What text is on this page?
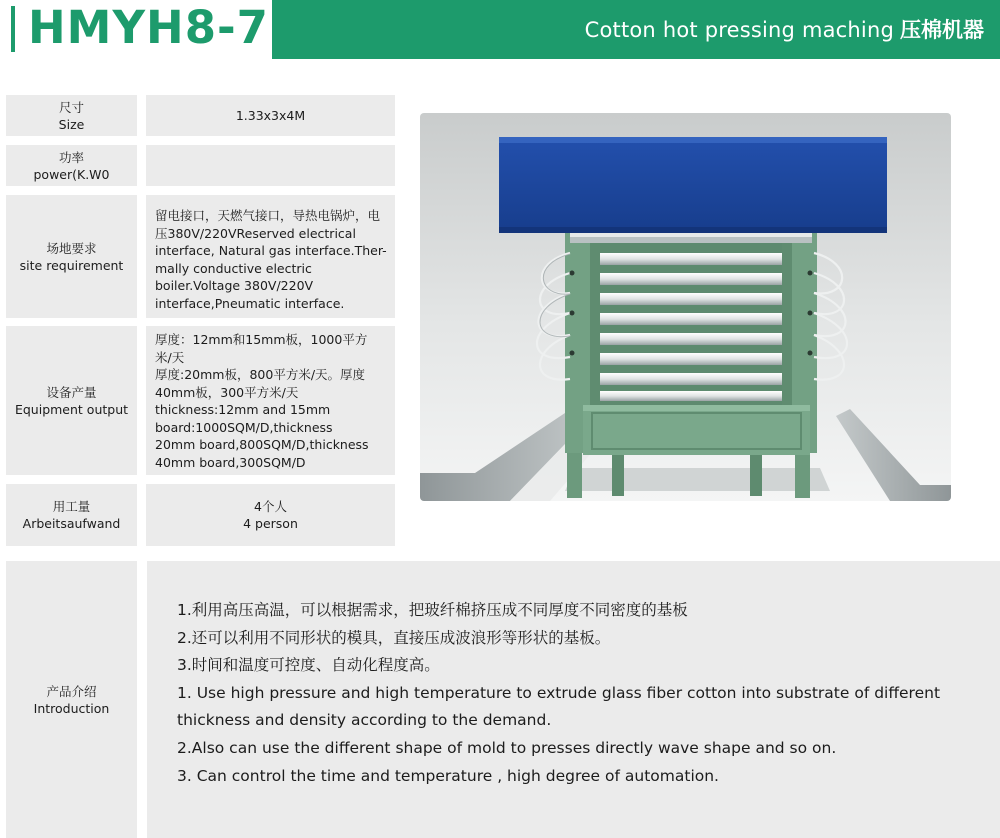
HMYH8-7	Cotton hot pressing maching 压棉机器
尺寸
Size
1.33x3x4M
功率
power(K.W0
场地要求
site requirement

留电接口，天燃气接口，导热电锅炉，电

压380V/220VReserved electrical

interface, Natural gas interface.Ther-

mally conductive electric

boiler.Voltage 380V/220V

interface,Pneumatic interface.

设备产量
Equipment output

厚度：12mm和15mm板，1000平方

米/天

厚度:20mm板，800平方米/天。厚度

40mm板，300平方米/天

thickness:12mm and 15mm

board:1000SQM/D,thickness

20mm board,800SQM/D,thickness

40mm board,300SQM/D

用工量
Arbeitsaufwand
4个人
4 person
产品介绍
Introduction

1.利用高压高温，可以根据需求，把玻纤棉挤压成不同厚度不同密度的基板

2.还可以利用不同形状的模具，直接压成波浪形等形状的基板。

3.时间和温度可控度、自动化程度高。

1. Use high pressure and high temperature to extrude glass fiber cotton into substrate of different

thickness and density according to the demand.

2.Also can use the different shape of mold to presses directly wave shape and so on.

3. Can control the time and temperature , high degree of automation.
